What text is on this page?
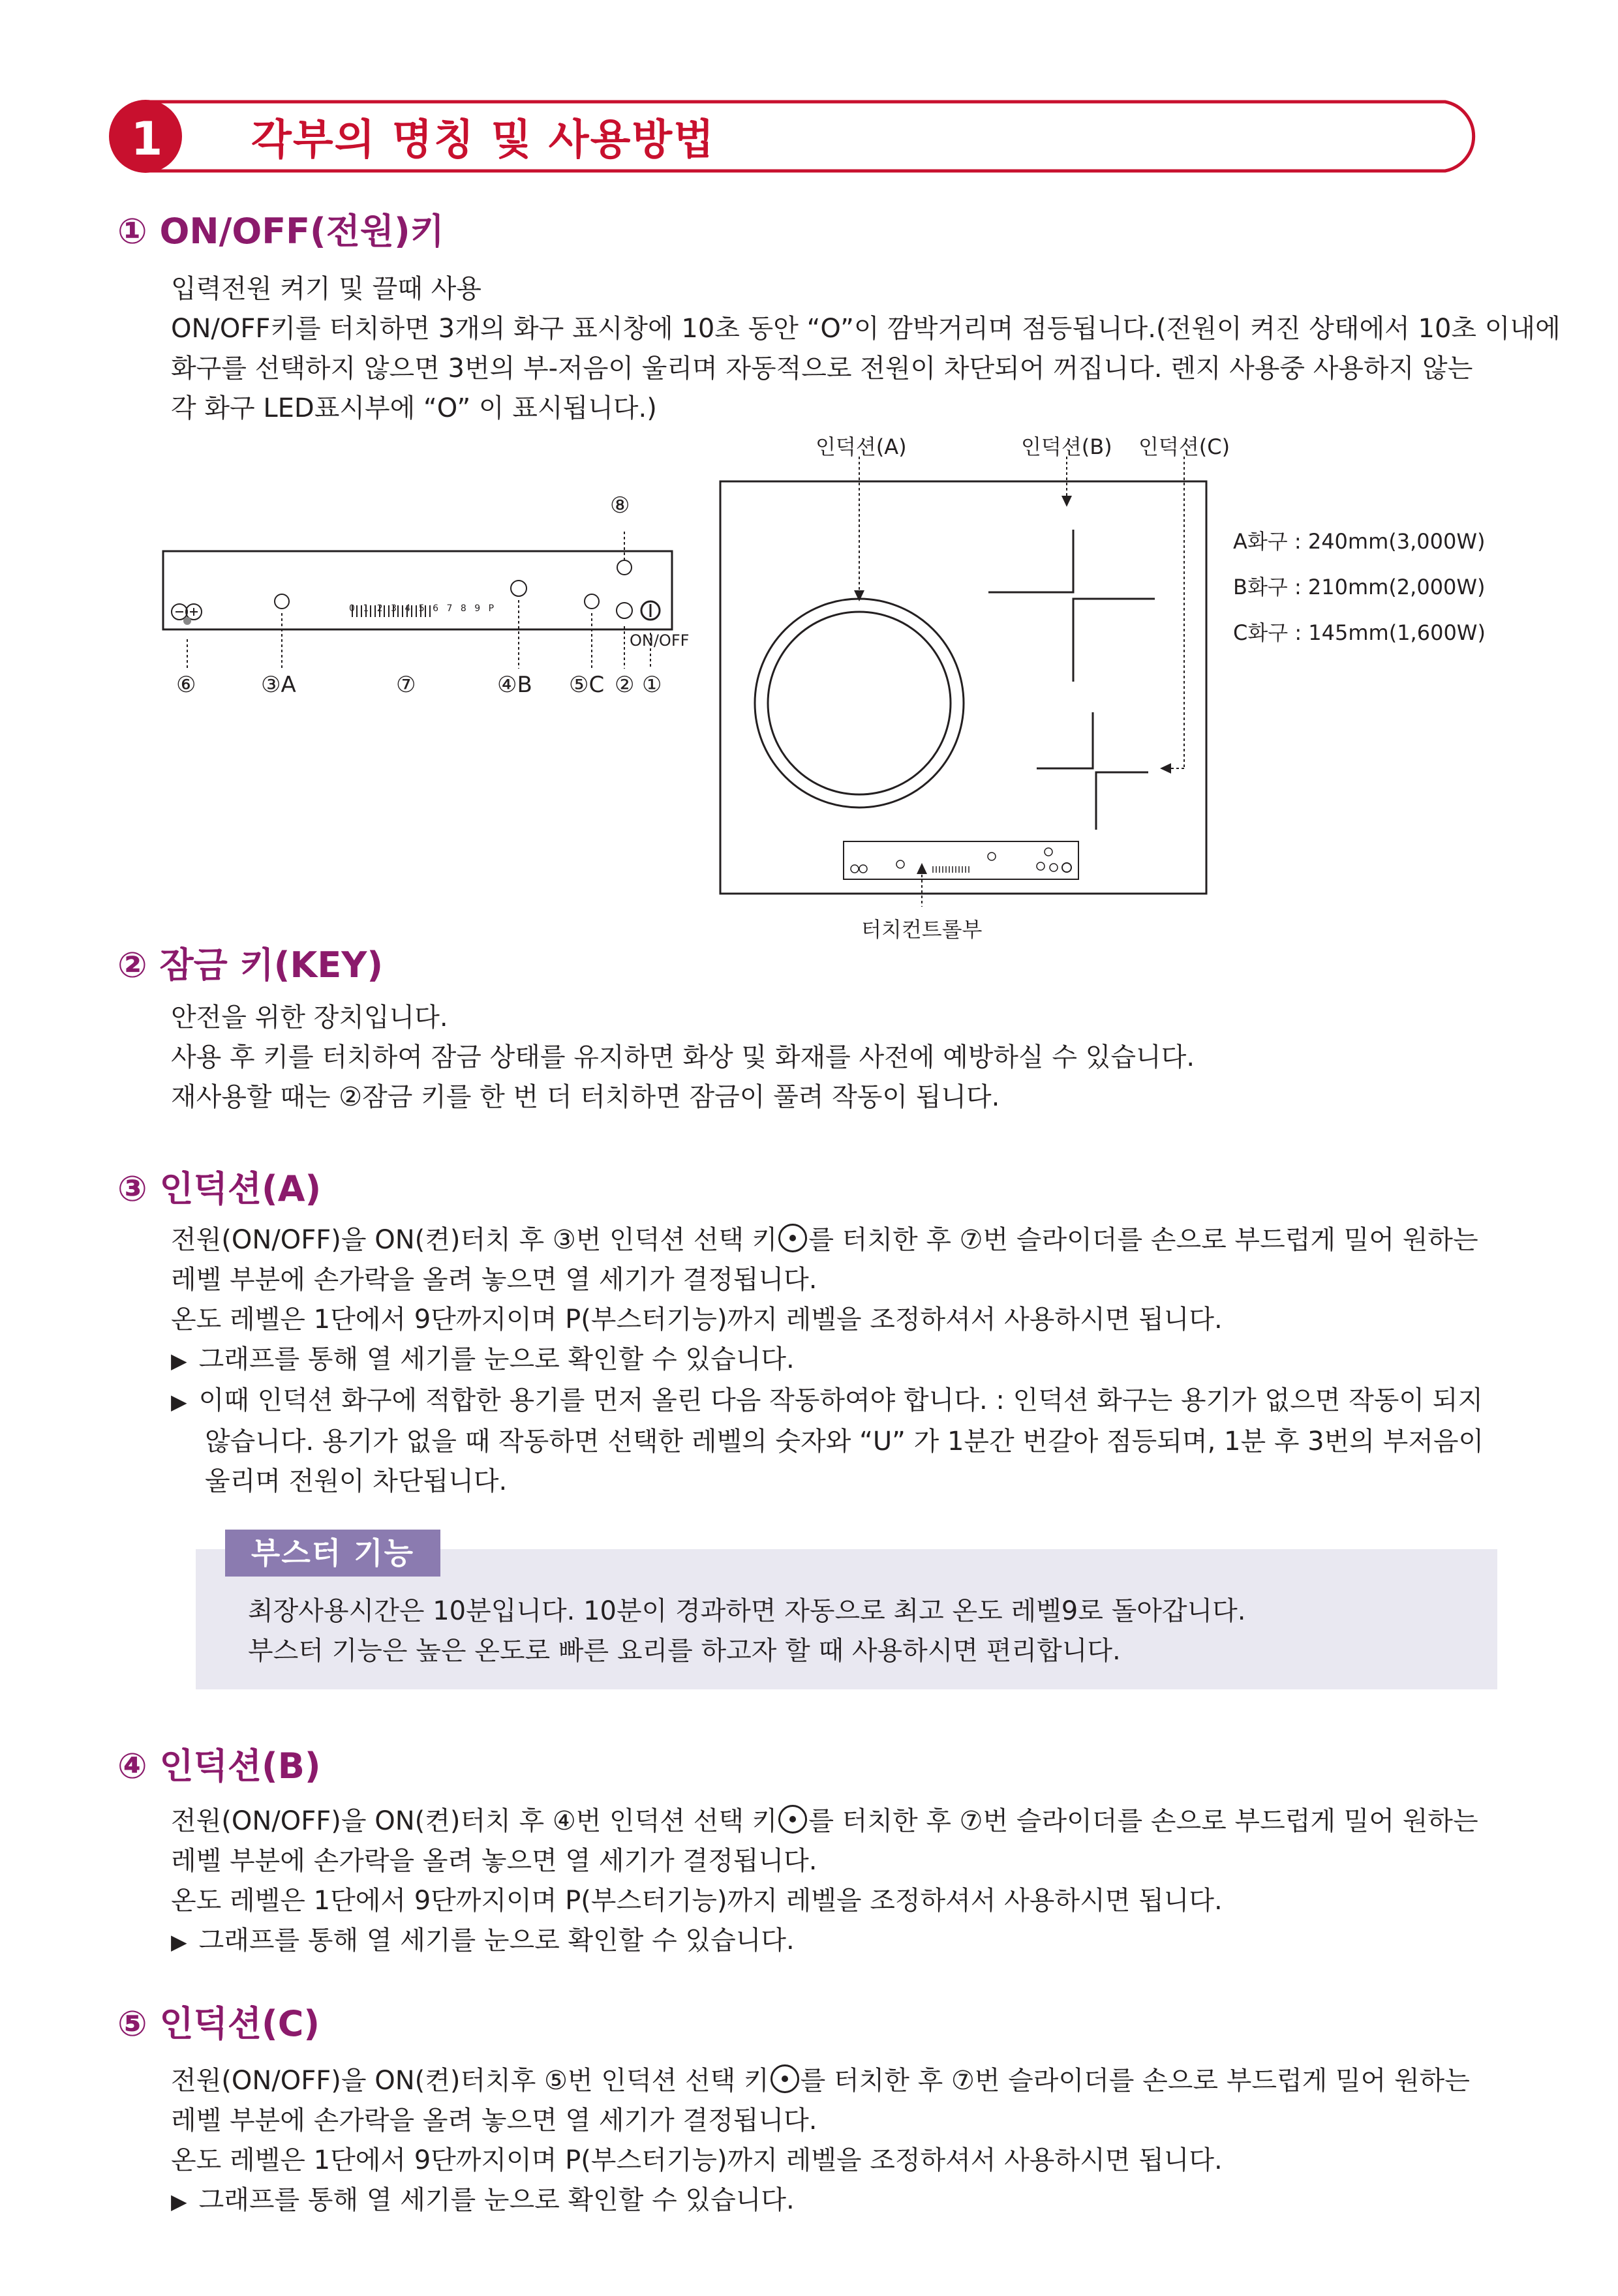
1	각부의 명칭 및 사용방법
① ON/OFF(전원)키
입력전원 켜기 및 끌때 사용
ON/OFF키를 터치하면 3개의 화구 표시창에 10초 동안 “O”이 깜박거리며 점등됩니다.(전원이 켜진 상태에서 10초 이내에
화구를 선택하지 않으면 3번의 부-저음이 울리며 자동적으로 전원이 차단되어 꺼집니다. 렌지 사용중 사용하지 않는
각 화구 LED표시부에 “O” 이 표시됩니다.)
0 1 2 3 4 5 6 7 8 9 P
⑧
ON/OFF
⑥	③A	⑦	④B ⑤C ② ①
인덕션(A)	인덕션(B) 인덕션(C)
터치컨트롤부
A화구 : 240mm(3,000W)
B화구 : 210mm(2,000W)
C화구 : 145mm(1,600W)
② 잠금 키(KEY)
안전을 위한 장치입니다.
사용 후 키를 터치하여 잠금 상태를 유지하면 화상 및 화재를 사전에 예방하실 수 있습니다.
재사용할 때는 ②잠금 키를 한 번 더 터치하면 잠금이 풀려 작동이 됩니다.
③ 인덕션(A)
전원(ON/OFF)을 ON(켠)터치 후 ③번 인덕션 선택 키 를 터치한 후 ⑦번 슬라이더를 손으로 부드럽게 밀어 원하는
레벨 부분에 손가락을 올려 놓으면 열 세기가 결정됩니다.
온도 레벨은 1단에서 9단까지이며 P(부스터기능)까지 레벨을 조정하셔서 사용하시면 됩니다.
▶ 그래프를 통해 열 세기를 눈으로 확인할 수 있습니다.
▶ 이때 인덕션 화구에 적합한 용기를 먼저 올린 다음 작동하여야 합니다. : 인덕션 화구는 용기가 없으면 작동이 되지
않습니다. 용기가 없을 때 작동하면 선택한 레벨의 숫자와 “U” 가 1분간 번갈아 점등되며, 1분 후 3번의 부저음이
울리며 전원이 차단됩니다.
부스터 기능
최장사용시간은 10분입니다. 10분이 경과하면 자동으로 최고 온도 레벨9로 돌아갑니다.
부스터 기능은 높은 온도로 빠른 요리를 하고자 할 때 사용하시면 편리합니다.
④ 인덕션(B)
전원(ON/OFF)을 ON(켠)터치 후 ④번 인덕션 선택 키 를 터치한 후 ⑦번 슬라이더를 손으로 부드럽게 밀어 원하는
레벨 부분에 손가락을 올려 놓으면 열 세기가 결정됩니다.
온도 레벨은 1단에서 9단까지이며 P(부스터기능)까지 레벨을 조정하셔서 사용하시면 됩니다.
▶ 그래프를 통해 열 세기를 눈으로 확인할 수 있습니다.
⑤ 인덕션(C)
전원(ON/OFF)을 ON(켠)터치후 ⑤번 인덕션 선택 키 를 터치한 후 ⑦번 슬라이더를 손으로 부드럽게 밀어 원하는
레벨 부분에 손가락을 올려 놓으면 열 세기가 결정됩니다.
온도 레벨은 1단에서 9단까지이며 P(부스터기능)까지 레벨을 조정하셔서 사용하시면 됩니다.
▶ 그래프를 통해 열 세기를 눈으로 확인할 수 있습니다.
